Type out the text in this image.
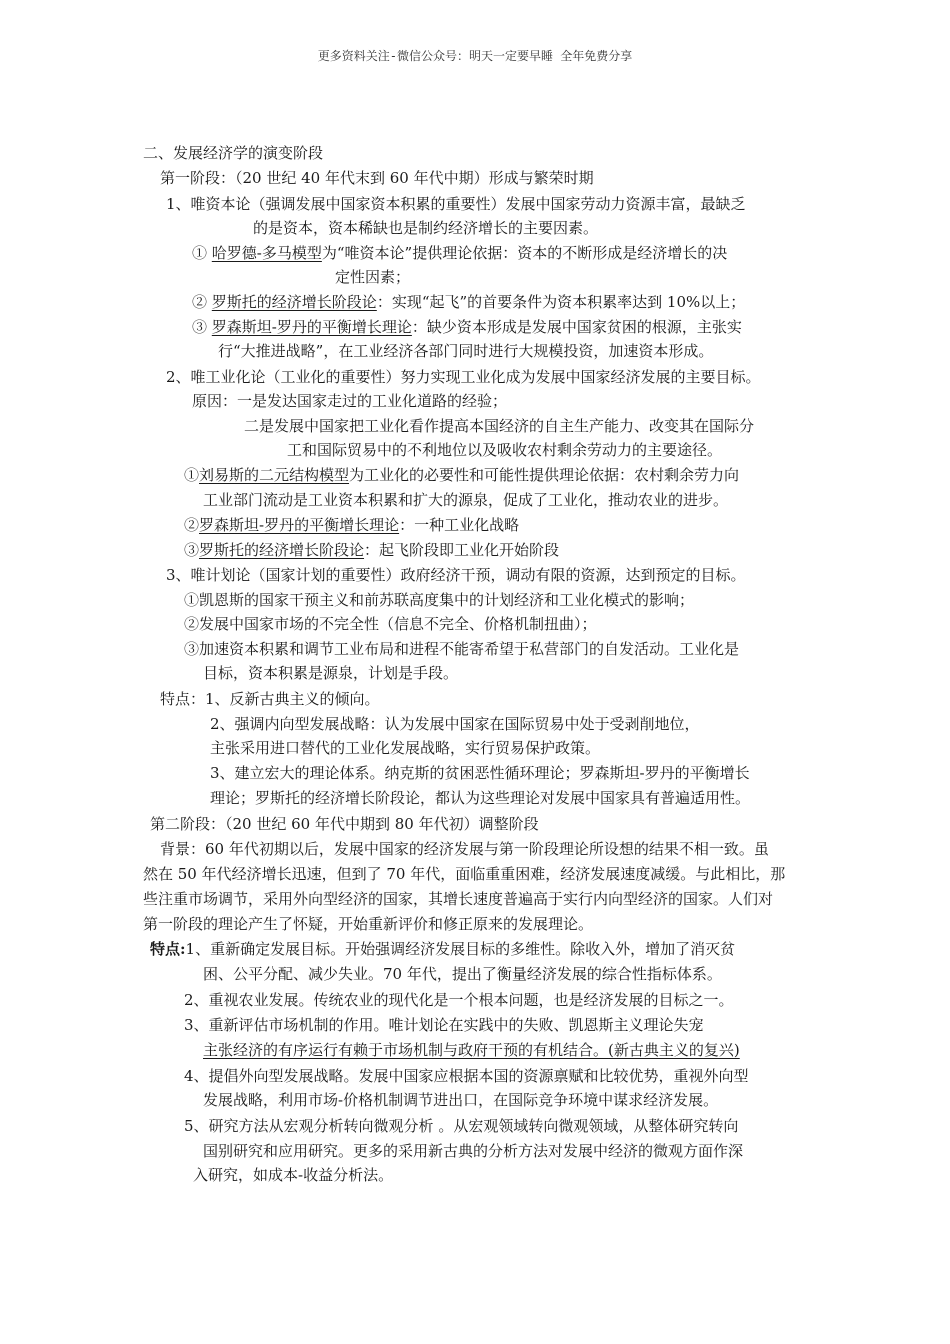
更多资料关注-微信公众号：明天一定要早睡 全年免费分享
二、发展经济学的演变阶段
第一阶段：（20 世纪 40 年代末到 60 年代中期）形成与繁荣时期
1、唯资本论（强调发展中国家资本积累的重要性）发展中国家劳动力资源丰富，最缺乏
的是资本，资本稀缺也是制约经济增长的主要因素。
① 哈罗德-多马模型为“唯资本论”提供理论依据：资本的不断形成是经济增长的决
定性因素；
② 罗斯托的经济增长阶段论：实现“起飞”的首要条件为资本积累率达到 10%以上；
③ 罗森斯坦-罗丹的平衡增长理论：缺少资本形成是发展中国家贫困的根源，主张实
行“大推进战略”，在工业经济各部门同时进行大规模投资，加速资本形成。
2、唯工业化论（工业化的重要性）努力实现工业化成为发展中国家经济发展的主要目标。
原因：一是发达国家走过的工业化道路的经验；
二是发展中国家把工业化看作提高本国经济的自主生产能力、改变其在国际分
工和国际贸易中的不利地位以及吸收农村剩余劳动力的主要途径。
①刘易斯的二元结构模型为工业化的必要性和可能性提供理论依据：农村剩余劳力向
工业部门流动是工业资本积累和扩大的源泉，促成了工业化，推动农业的进步。
②罗森斯坦-罗丹的平衡增长理论：一种工业化战略
③罗斯托的经济增长阶段论：起飞阶段即工业化开始阶段
3、唯计划论（国家计划的重要性）政府经济干预，调动有限的资源，达到预定的目标。
①凯恩斯的国家干预主义和前苏联高度集中的计划经济和工业化模式的影响；
②发展中国家市场的不完全性（信息不完全、价格机制扭曲）；
③加速资本积累和调节工业布局和进程不能寄希望于私营部门的自发活动。工业化是
目标，资本积累是源泉，计划是手段。
特点：1、反新古典主义的倾向。
2、强调内向型发展战略：认为发展中国家在国际贸易中处于受剥削地位，
主张采用进口替代的工业化发展战略，实行贸易保护政策。
3、建立宏大的理论体系。纳克斯的贫困恶性循环理论；罗森斯坦-罗丹的平衡增长
理论；罗斯托的经济增长阶段论，都认为这些理论对发展中国家具有普遍适用性。
第二阶段：（20 世纪 60 年代中期到 80 年代初）调整阶段
背景：60 年代初期以后，发展中国家的经济发展与第一阶段理论所设想的结果不相一致。虽
然在 50 年代经济增长迅速，但到了 70 年代，面临重重困难，经济发展速度减缓。与此相比，那
些注重市场调节，采用外向型经济的国家，其增长速度普遍高于实行内向型经济的国家。人们对
第一阶段的理论产生了怀疑，开始重新评价和修正原来的发展理论。
特点:1、重新确定发展目标。开始强调经济发展目标的多维性。除收入外，增加了消灭贫
困、公平分配、减少失业。70 年代，提出了衡量经济发展的综合性指标体系。
2、重视农业发展。传统农业的现代化是一个根本问题，也是经济发展的目标之一。
3、重新评估市场机制的作用。唯计划论在实践中的失败、凯恩斯主义理论失宠
主张经济的有序运行有赖于市场机制与政府干预的有机结合。(新古典主义的复兴)
4、提倡外向型发展战略。发展中国家应根据本国的资源禀赋和比较优势，重视外向型
发展战略，利用市场-价格机制调节进出口，在国际竞争环境中谋求经济发展。
5、研究方法从宏观分析转向微观分析 。从宏观领域转向微观领域，从整体研究转向
国别研究和应用研究。更多的采用新古典的分析方法对发展中经济的微观方面作深
入研究，如成本-收益分析法。
